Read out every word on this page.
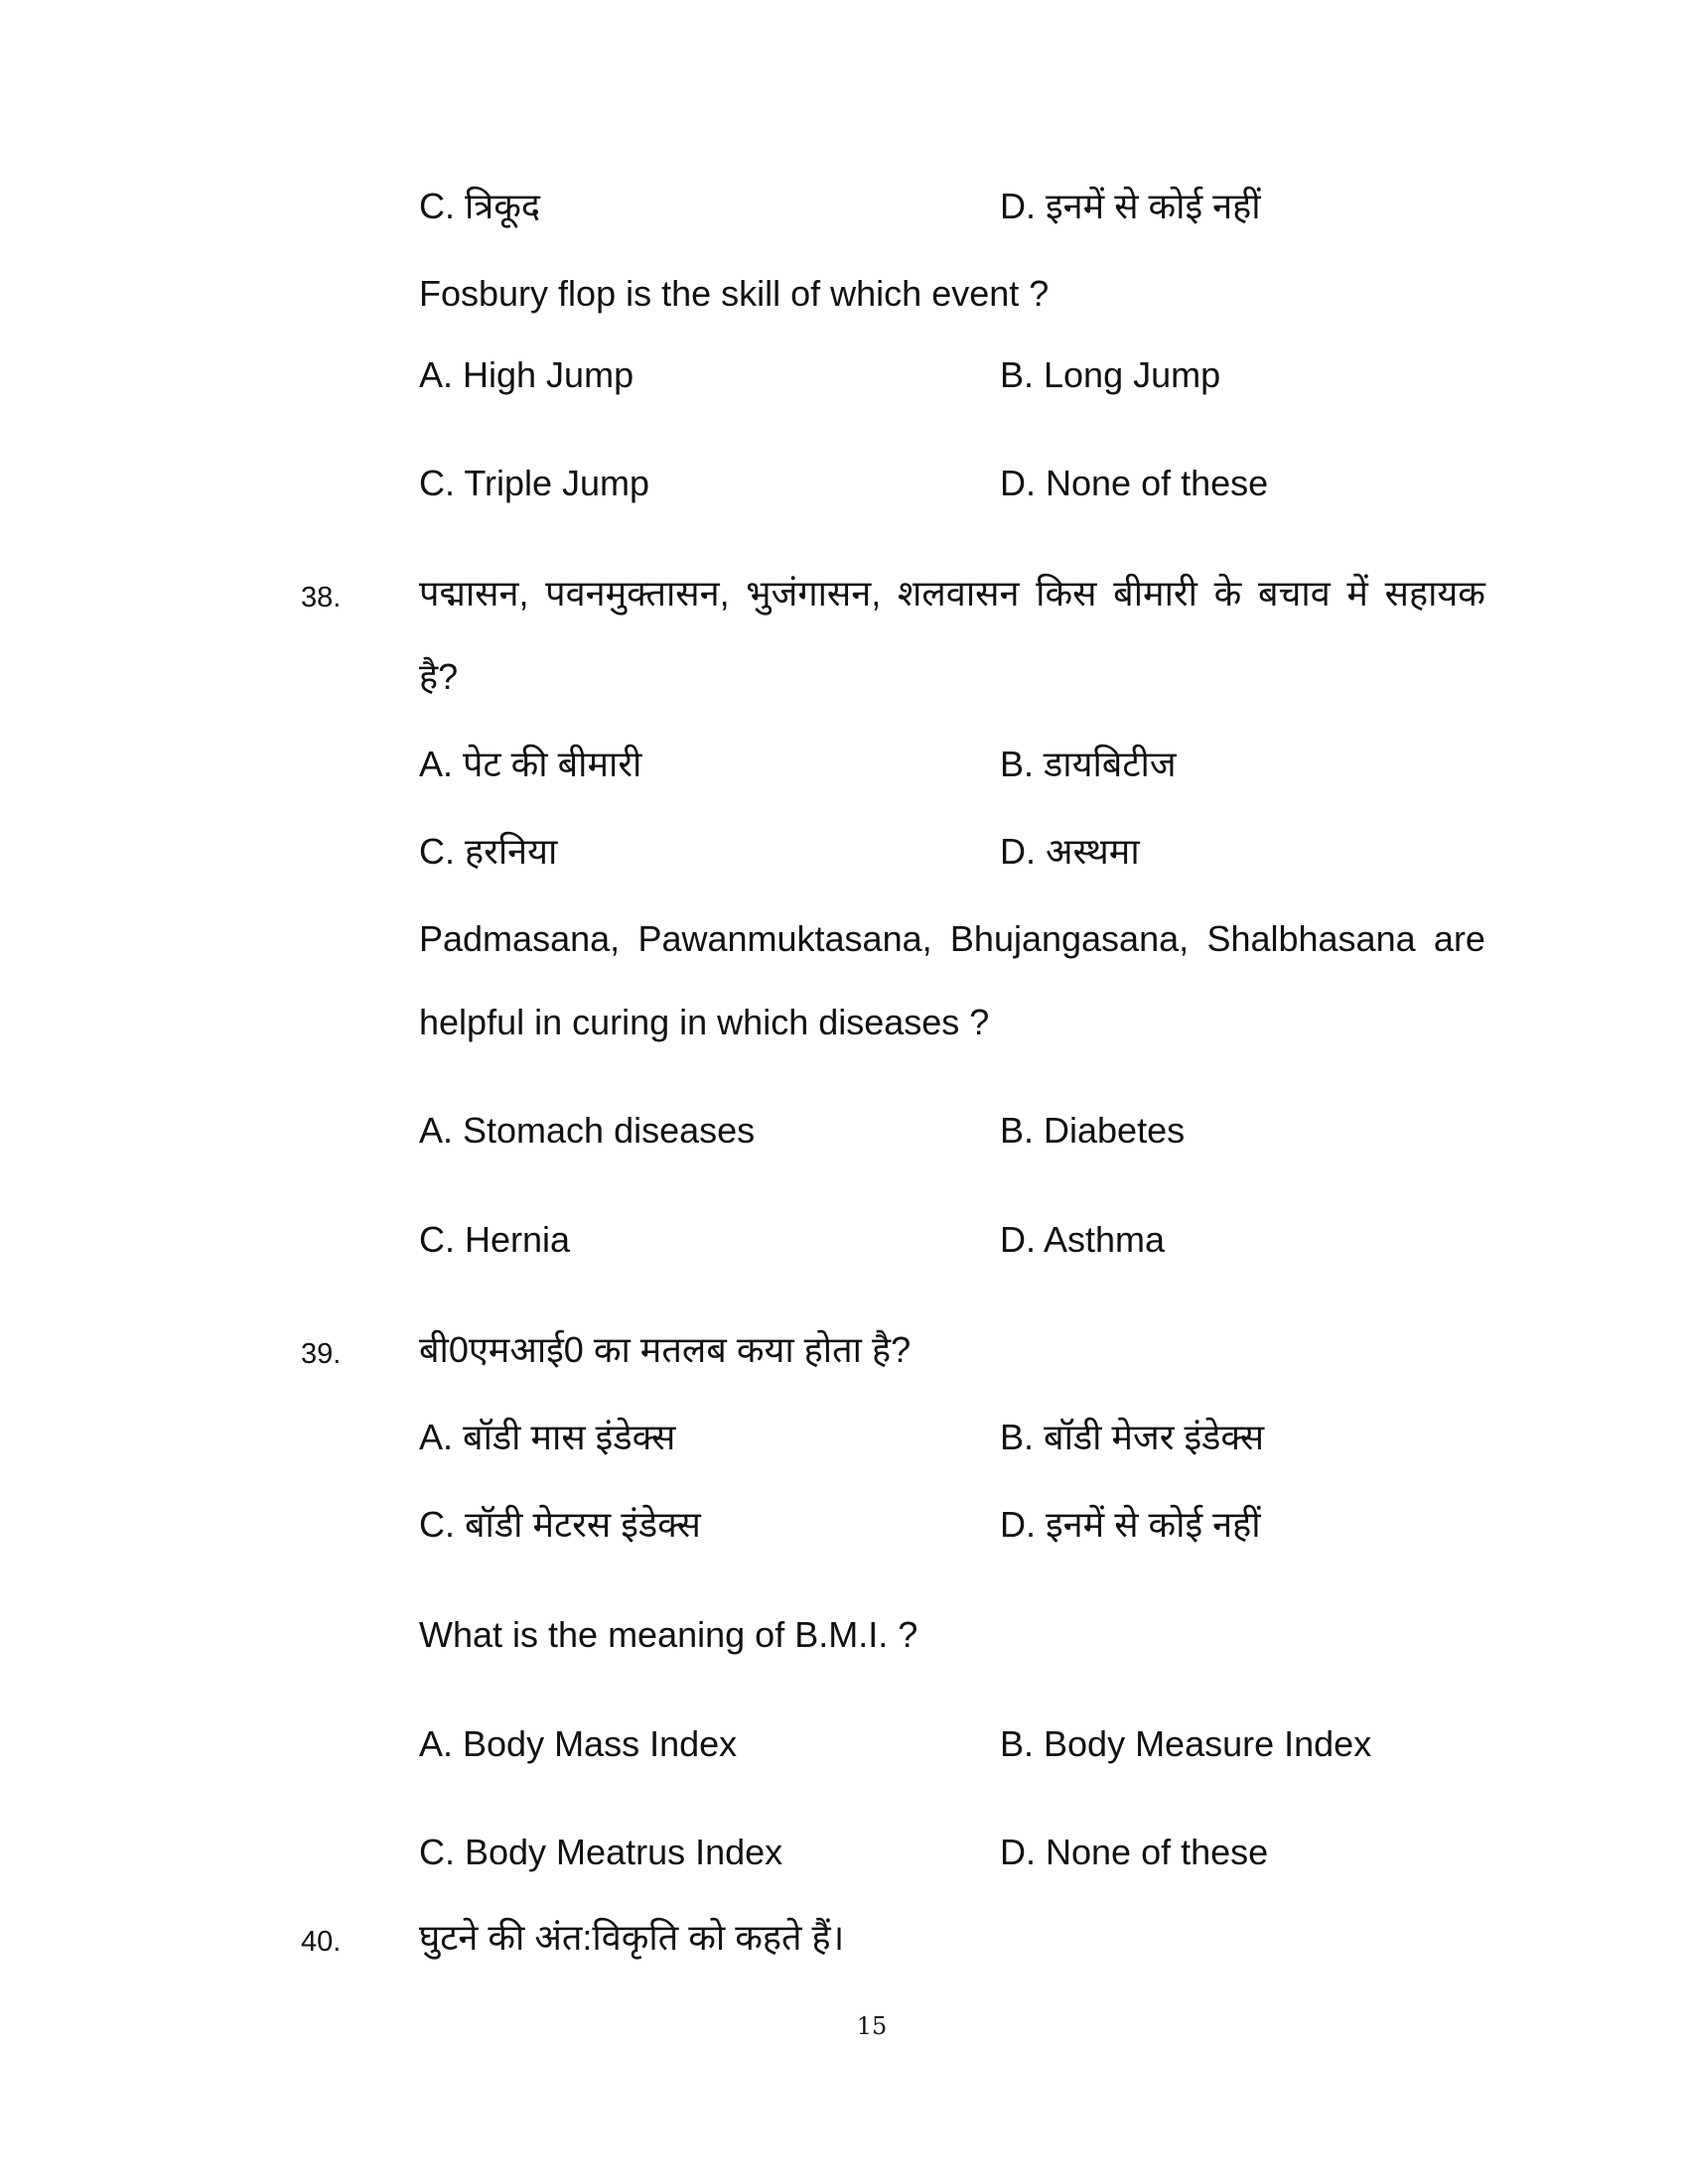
C. त्रिकूद	D. इनमें से कोई नहीं
Fosbury flop is the skill of which event ?
A. High Jump	B. Long Jump
C. Triple Jump	D. None of these
38. पद्मासन, पवनमुक्तासन, भुजंगासन, शलवासन किस बीमारी के बचाव में सहायक
है?
A. पेट की बीमारी	B. डायबिटीज
C. हरनिया	D. अस्थमा
Padmasana, Pawanmuktasana, Bhujangasana, Shalbhasana are
helpful in curing in which diseases ?
A. Stomach diseases	B. Diabetes
C. Hernia	D. Asthma
39. बी0एमआई0 का मतलब कया होता है?
A. बॉडी मास इंडेक्स	B. बॉडी मेजर इंडेक्स
C. बॉडी मेटरस इंडेक्स	D. इनमें से कोई नहीं
What is the meaning of B.M.I. ?
A. Body Mass Index	B. Body Measure Index
C. Body Meatrus Index	D. None of these
40. घुटने की अंत:विकृति को कहते हैं।
15
